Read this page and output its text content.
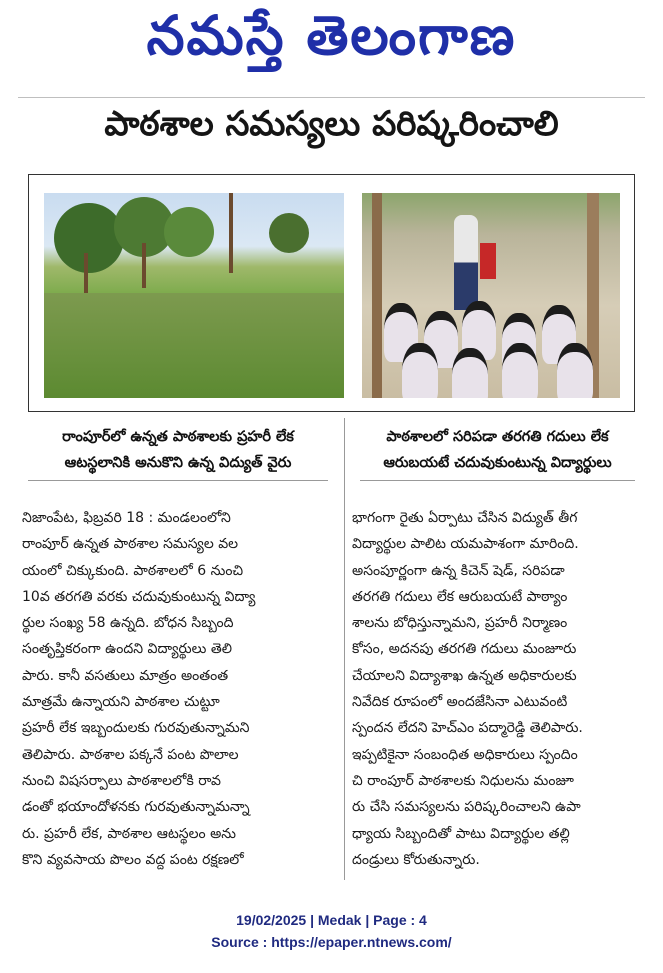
నమస్తే తెలంగాణ
పాఠశాల సమస్యలు పరిష్కరించాలి
రాంపూర్‌లో ఉన్నత పాఠశాలకు ప్రహరీ లేక
ఆటస్థలానికి అనుకొని ఉన్న విద్యుత్‌ వైరు
పాఠశాలలో సరిపడా తరగతి గదులు లేక
ఆరుబయటే చదువుకుంటున్న విద్యార్థులు
నిజాంపేట, ఫిబ్రవరి 18 : మండలంలోని
రాంపూర్‌ ఉన్నత పాఠశాల సమస్యల వల
యంలో చిక్కుకుంది. పాఠశాలలో 6 నుంచి
10వ తరగతి వరకు చదువుకుంటున్న విద్యా
ర్థుల సంఖ్య 58 ఉన్నది. బోధన సిబ్బంది
సంతృప్తికరంగా ఉందని విద్యార్థులు తెలి
పారు. కానీ వసతులు మాత్రం అంతంత
మాత్రమే ఉన్నాయని పాఠశాల చుట్టూ
ప్రహరీ లేక ఇబ్బందులకు గురవుతున్నామని
తెలిపారు. పాఠశాల పక్కనే పంట పొలాల
నుంచి విషసర్పాలు పాఠశాలలోకి రావ
డంతో భయాందోళనకు గురవుతున్నామన్నా
రు. ప్రహరీ లేక, పాఠశాల ఆటస్థలం అను
కొని వ్యవసాయ పొలం వద్ద పంట రక్షణలో
భాగంగా రైతు ఏర్పాటు చేసిన విద్యుత్‌ తీగ
విద్యార్థుల పాలిట యమపాశంగా మారింది.
అసంపూర్ణంగా ఉన్న కిచెన్‌ షెడ్‌, సరిపడా
తరగతి గదులు లేక ఆరుబయటే పాఠ్యాం
శాలను బోధిస్తున్నామని, ప్రహరీ నిర్మాణం
కోసం, అదనపు తరగతి గదులు మంజూరు
చేయాలని విద్యాశాఖ ఉన్నత అధికారులకు
నివేదిక రూపంలో అందజేసినా ఎటువంటి
స్పందన లేదని హెచ్‌ఎం పద్మారెడ్డి తెలిపారు.
ఇప్పటికైనా సంబంధిత అధికారులు స్పందిం
చి రాంపూర్‌ పాఠశాలకు నిధులను మంజూ
రు చేసి సమస్యలను పరిష్కరించాలని ఉపా
ధ్యాయ సిబ్బందితో పాటు విద్యార్థుల తల్లి
దండ్రులు కోరుతున్నారు.
19/02/2025 | Medak | Page : 4
Source : https://epaper.ntnews.com/
